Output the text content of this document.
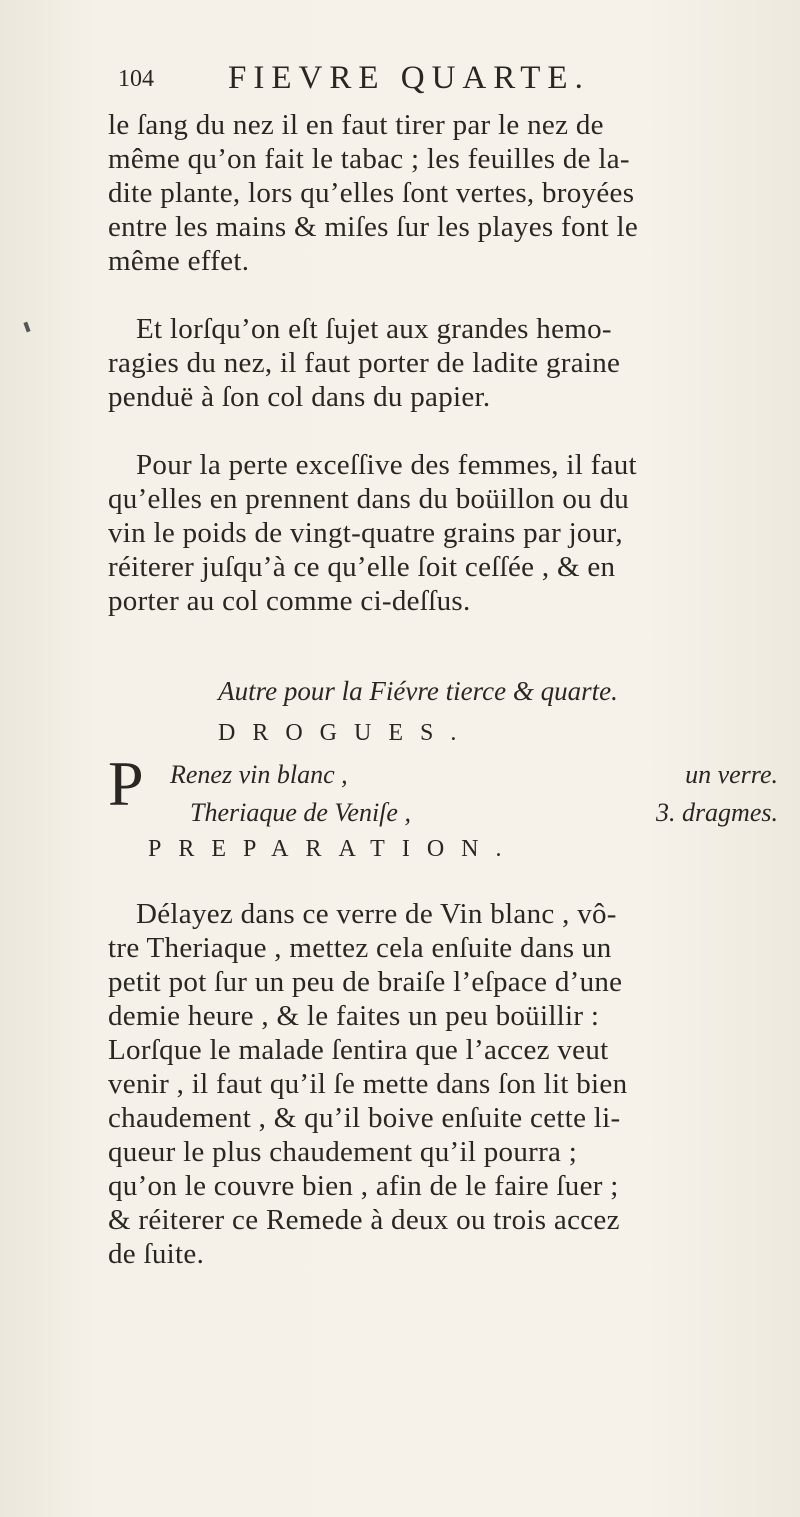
104 FIEVRE QUARTE.

le ſang du nez il en faut tirer par le nez de
même qu’on fait le tabac ; les feuilles de la-
dite plante, lors qu’elles ſont vertes, broyées
entre les mains & miſes ſur les playes font le
même effet.

Et lorſqu’on eſt ſujet aux grandes hemo-
ragies du nez, il faut porter de ladite graine
penduë à ſon col dans du papier.

Pour la perte exceſſive des femmes, il faut
qu’elles en prennent dans du boüillon ou du
vin le poids de vingt-quatre grains par jour,
réiterer juſqu’à ce qu’elle ſoit ceſſée , & en
porter au col comme ci-deſſus.

Autre pour la Fiévre tierce & quarte.
DROGUES.
P Renez vin blanc ,	un verre.
Theriaque de Veniſe ,	3. dragmes.
PREPARATION.

Délayez dans ce verre de Vin blanc , vô-
tre Theriaque , mettez cela enſuite dans un
petit pot ſur un peu de braiſe l’eſpace d’une
demie heure , & le faites un peu boüillir :
Lorſque le malade ſentira que l’accez veut
venir , il faut qu’il ſe mette dans ſon lit bien
chaudement , & qu’il boive enſuite cette li-
queur le plus chaudement qu’il pourra ;
qu’on le couvre bien , afin de le faire ſuer ;
& réiterer ce Remede à deux ou trois accez
de ſuite.
